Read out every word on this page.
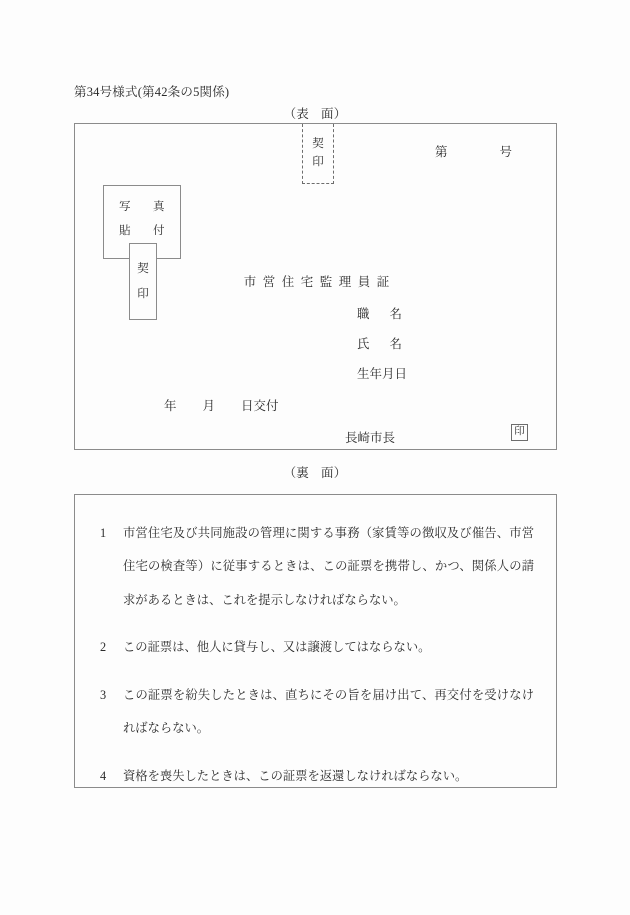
第34号様式(第42条の5関係)
（表 面）
契
印
第	号
写 真
貼 付
契
印
市営住宅監理員証
職 名
氏 名
生年月日
年 月 日交付
長崎市長	印
（裏 面）
1	市営住宅及び共同施設の管理に関する事務（家賃等の徴収及び催告、市営住宅の検査等）に従事するときは、この証票を携帯し、かつ、関係人の請求があるときは、これを提示しなければならない。
2	この証票は、他人に貸与し、又は譲渡してはならない。
3	この証票を紛失したときは、直ちにその旨を届け出て、再交付を受けなければならない。
4	資格を喪失したときは、この証票を返還しなければならない。
